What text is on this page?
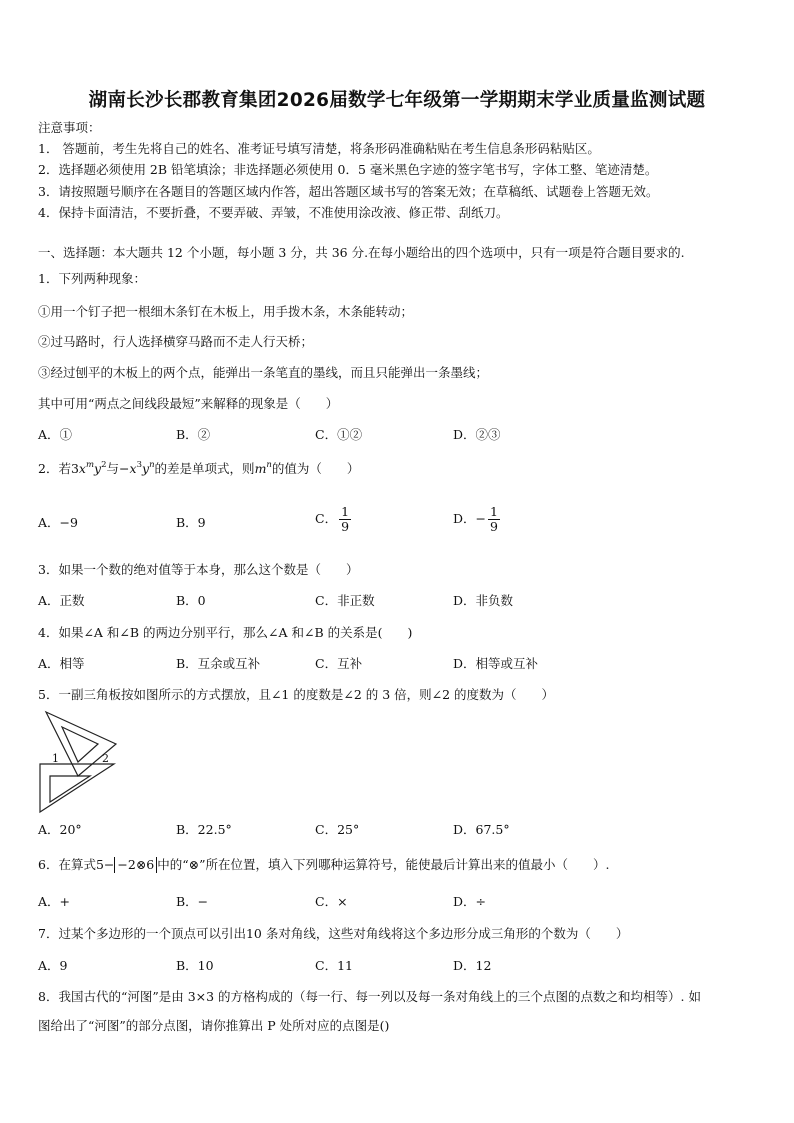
湖南长沙长郡教育集团2026届数学七年级第一学期期末学业质量监测试题
注意事项：
1． 答题前，考生先将自己的姓名、准考证号填写清楚，将条形码准确粘贴在考生信息条形码粘贴区。
2．选择题必须使用 2B 铅笔填涂；非选择题必须使用 0．5 毫米黑色字迹的签字笔书写，字体工整、笔迹清楚。
3．请按照题号顺序在各题目的答题区域内作答，超出答题区域书写的答案无效；在草稿纸、试题卷上答题无效。
4．保持卡面清洁，不要折叠，不要弄破、弄皱，不准使用涂改液、修正带、刮纸刀。
一、选择题：本大题共 12 个小题，每小题 3 分，共 36 分.在每小题给出的四个选项中，只有一项是符合题目要求的.
1．下列两种现象：
①用一个钉子把一根细木条钉在木板上，用手拨木条，木条能转动；
②过马路时，行人选择横穿马路而不走人行天桥；
③经过刨平的木板上的两个点，能弹出一条笔直的墨线，而且只能弹出一条墨线；
其中可用“两点之间线段最短”来解释的现象是（　　）
A．①	B．②	C．①②	D．②③
2．若$3x^my^2$与$-x^3y^n$的差是单项式，则$m^n$的值为（　　）
A．−9	B．9	C． $\frac{1}{9}$	D．− $\frac{1}{9}$
3．如果一个数的绝对值等于本身，那么这个数是（　　）
A．正数	B．0	C．非正数	D．非负数
4．如果∠A 和∠B 的两边分别平行，那么∠A 和∠B 的关系是(　　)
A．相等	B．互余或互补	C．互补	D．相等或互补
5．一副三角板按如图所示的方式摆放，且∠1 的度数是∠2 的 3 倍，则∠2 的度数为（　　）
1	2
A．20°	B．22.5°	C．25°	D．67.5°
6．在算式5− −2⊗6 中的“⊗”所在位置，填入下列哪种运算符号，能使最后计算出来的值最小（　　）.
A．+	B．−	C．×	D．÷
7．过某个多边形的一个顶点可以引出10 条对角线，这些对角线将这个多边形分成三角形的个数为（　　）
A．9	B．10	C．11	D．12
8．我国古代的“河图”是由 3×3 的方格构成的（每一行、每一列以及每一条对角线上的三个点图的点数之和均相等）. 如
图给出了“河图”的部分点图，请你推算出 P 处所对应的点图是()
